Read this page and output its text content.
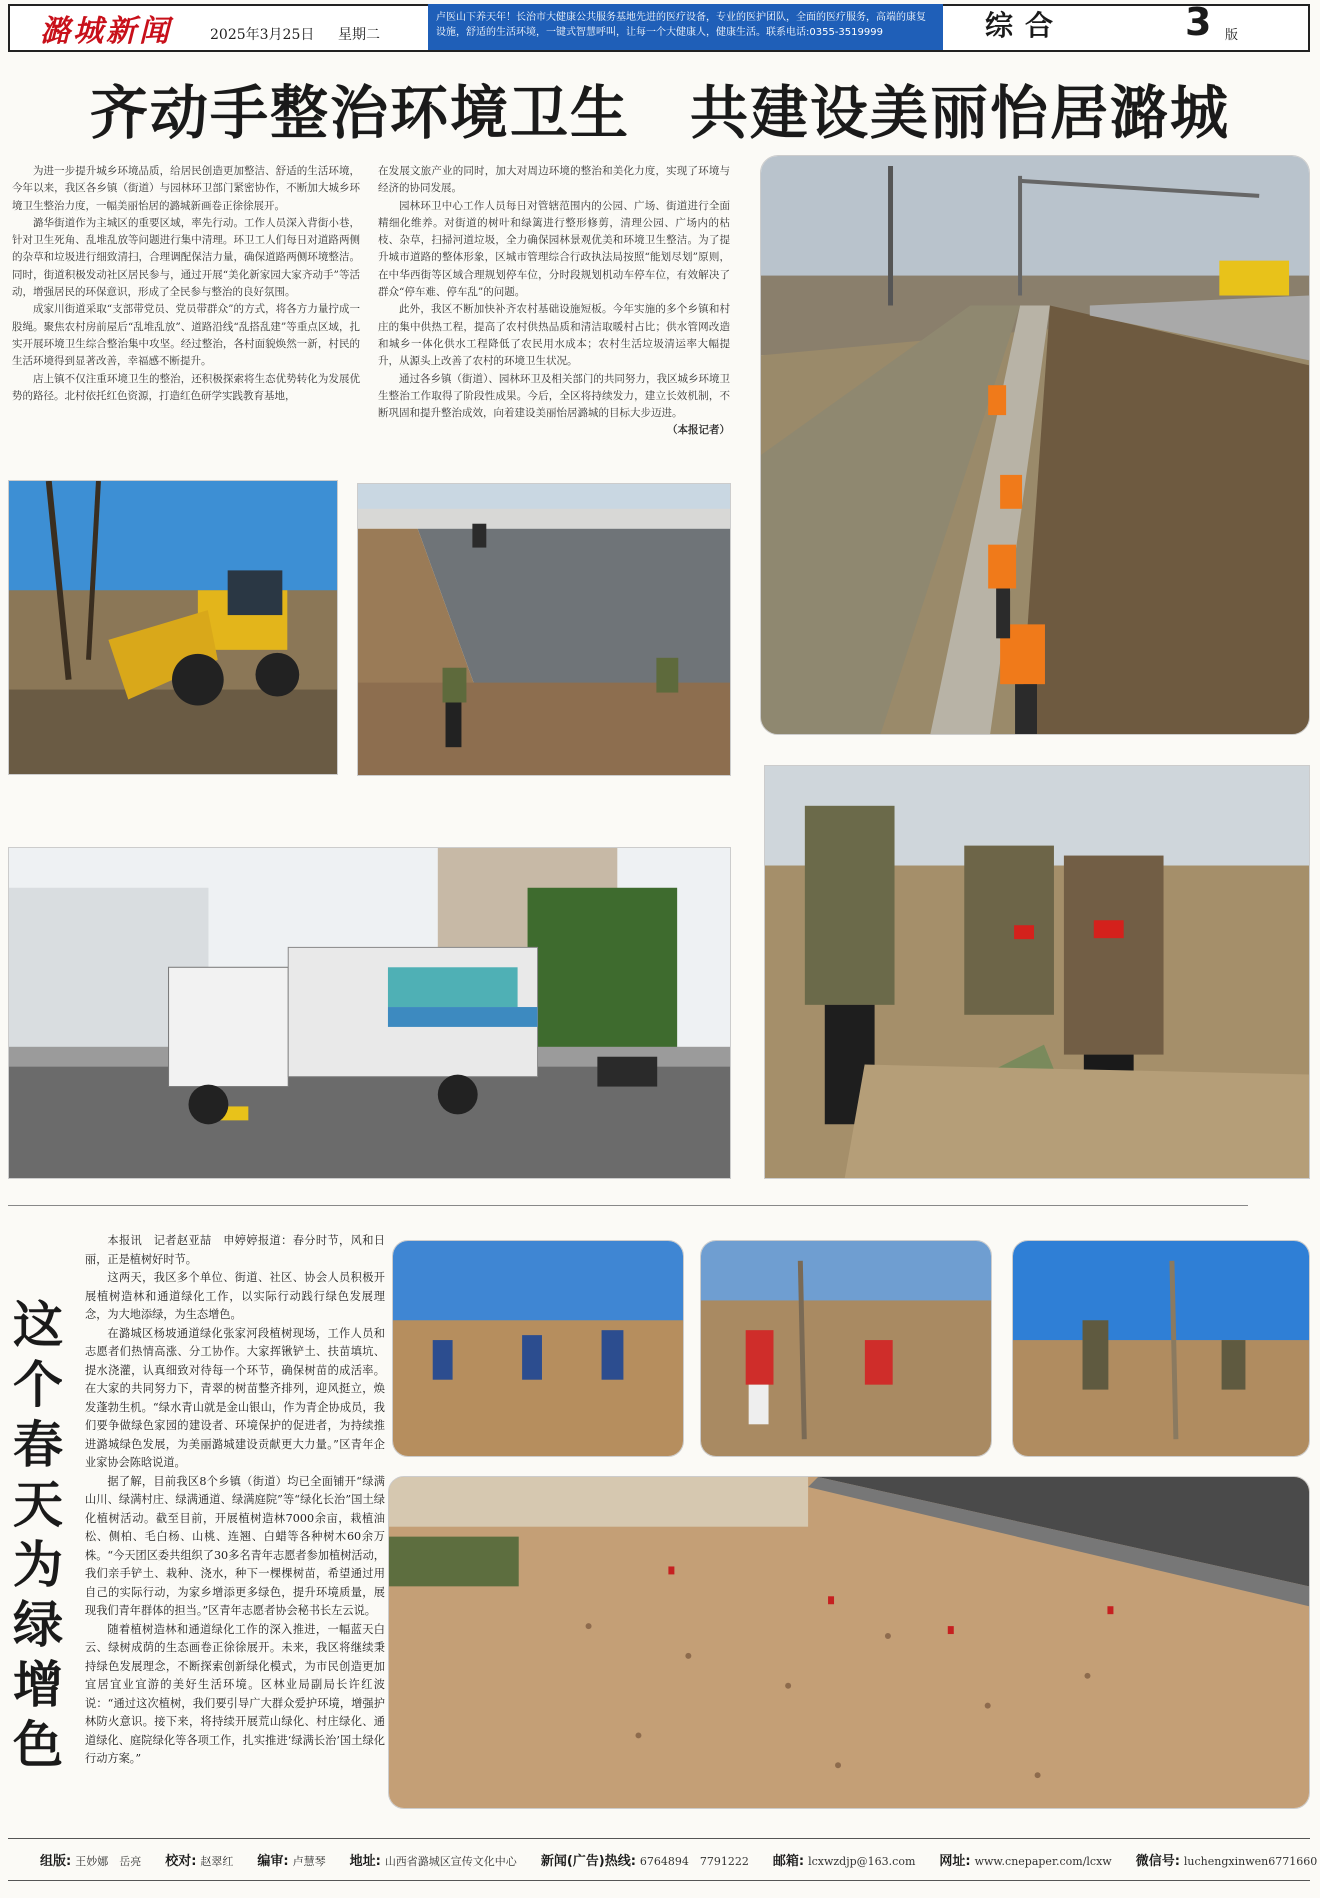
潞城新闻	2025年3月25日 星期二
卢医山下养天年！长治市大健康公共服务基地先进的医疗设备，专业的医护团队，全面的医疗服务，高端的康复设施，舒适的生活环境，一键式智慧呼叫，让每一个大健康人，健康生活。联系电话:0355-3519999	综合	3 版
齐动手整治环境卫生　共建设美丽怡居潞城

为进一步提升城乡环境品质，给居民创造更加整洁、舒适的生活环境，今年以来，我区各乡镇（街道）与园林环卫部门紧密协作，不断加大城乡环境卫生整治力度，一幅美丽怡居的潞城新画卷正徐徐展开。

潞华街道作为主城区的重要区域，率先行动。工作人员深入背街小巷，针对卫生死角、乱堆乱放等问题进行集中清理。环卫工人们每日对道路两侧的杂草和垃圾进行细致清扫，合理调配保洁力量，确保道路两侧环境整洁。同时，街道积极发动社区居民参与，通过开展“美化新家园大家齐动手”等活动，增强居民的环保意识，形成了全民参与整治的良好氛围。

成家川街道采取“支部带党员、党员带群众”的方式，将各方力量拧成一股绳。聚焦农村房前屋后“乱堆乱放”、道路沿线“乱搭乱建”等重点区域，扎实开展环境卫生综合整治集中攻坚。经过整治，各村面貌焕然一新，村民的生活环境得到显著改善，幸福感不断提升。

店上镇不仅注重环境卫生的整治，还积极探索将生态优势转化为发展优势的路径。北村依托红色资源，打造红色研学实践教育基地，

在发展文旅产业的同时，加大对周边环境的整治和美化力度，实现了环境与经济的协同发展。

园林环卫中心工作人员每日对管辖范围内的公园、广场、街道进行全面精细化维养。对街道的树叶和绿篱进行整形修剪，清理公园、广场内的枯枝、杂草，扫掃河道垃圾，全力确保园林景观优美和环境卫生整洁。为了提升城市道路的整体形象，区城市管理综合行政执法局按照“能划尽划”原则，在中华西街等区域合理规划停车位，分时段规划机动车停车位，有效解决了群众“停车难、停车乱”的问题。

此外，我区不断加快补齐农村基础设施短板。今年实施的多个乡镇和村庄的集中供热工程，提高了农村供热品质和清洁取暖村占比；供水管网改造和城乡一体化供水工程降低了农民用水成本；农村生活垃圾清运率大幅提升，从源头上改善了农村的环境卫生状况。

通过各乡镇（街道）、园林环卫及相关部门的共同努力，我区城乡环境卫生整治工作取得了阶段性成果。今后，全区将持续发力，建立长效机制，不断巩固和提升整治成效，向着建设美丽怡居潞城的目标大步迈进。

（本报记者）
这个春天为绿增色

本报讯　记者赵亚喆　申婷婷报道：春分时节，风和日丽，正是植树好时节。

这两天，我区多个单位、街道、社区、协会人员积极开展植树造林和通道绿化工作，以实际行动践行绿色发展理念，为大地添绿，为生态增色。

在潞城区杨坡通道绿化张家河段植树现场，工作人员和志愿者们热情高涨、分工协作。大家挥锹铲土、扶苗填坑、提水浇灌，认真细致对待每一个环节，确保树苗的成活率。在大家的共同努力下，青翠的树苗整齐排列，迎风挺立，焕发蓬勃生机。“绿水青山就是金山银山，作为青企协成员，我们要争做绿色家园的建设者、环境保护的促进者，为持续推进潞城绿色发展，为美丽潞城建设贡献更大力量。”区青年企业家协会陈晗说道。

据了解，目前我区8个乡镇（街道）均已全面铺开“绿满山川、绿满村庄、绿满通道、绿满庭院”等“绿化长治”国土绿化植树活动。截至目前，开展植树造林7000余亩，栽植油松、侧柏、毛白杨、山桃、连翘、白蜡等各种树木60余万株。“今天团区委共组织了30多名青年志愿者参加植树活动，我们亲手铲土、栽种、浇水，种下一棵棵树苗，希望通过用自己的实际行动，为家乡增添更多绿色，提升环境质量，展现我们青年群体的担当。”区青年志愿者协会秘书长左云说。

随着植树造林和通道绿化工作的深入推进，一幅蓝天白云、绿树成荫的生态画卷正徐徐展开。未来，我区将继续秉持绿色发展理念，不断探索创新绿化模式，为市民创造更加宜居宜业宜游的美好生活环境。区林业局副局长许红波说：“通过这次植树，我们要引导广大群众爱护环境，增强护林防火意识。接下来，将持续开展荒山绿化、村庄绿化、通道绿化、庭院绿化等各项工作，扎实推进‘绿满长治’国土绿化行动方案。”

组版: 王妙娜　岳亮	校对: 赵翠红	编审: 卢慧琴	地址: 山西省潞城区宣传文化中心	新闻(广告)热线: 6764894　7791222	邮箱: lcxwzdjp@163.com	网址: www.cnepaper.com/lcxw	微信号: luchengxinwen6771660
